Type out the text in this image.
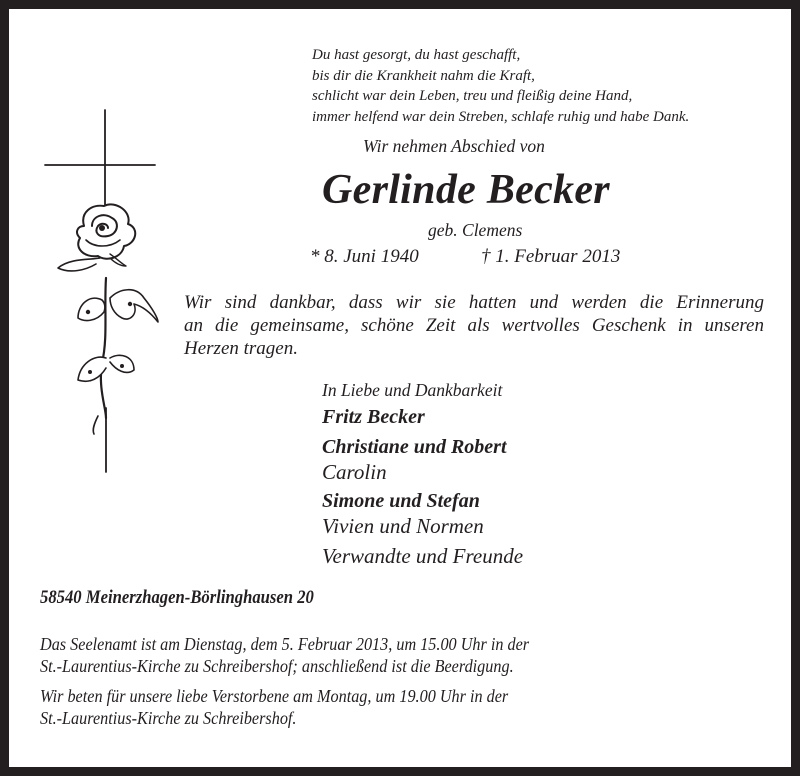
Du hast gesorgt, du hast geschafft,
bis dir die Krankheit nahm die Kraft,
schlicht war dein Leben, treu und fleißig deine Hand,
immer helfend war dein Streben, schlafe ruhig und habe Dank.
Wir nehmen Abschied von
Gerlinde Becker
geb. Clemens
* 8. Juni 1940	† 1. Februar 2013
Wir sind dankbar, dass wir sie hatten und werden die Erinnerung
an die gemeinsame, schöne Zeit als wertvolles Geschenk in unseren
Herzen tragen.
In Liebe und Dankbarkeit
Fritz Becker
Christiane und Robert
Carolin
Simone und Stefan
Vivien und Normen
Verwandte und Freunde
58540 Meinerzhagen-Börlinghausen 20
Das Seelenamt ist am Dienstag, dem 5. Februar 2013, um 15.00 Uhr in der
St.-Laurentius-Kirche zu Schreibershof; anschließend ist die Beerdigung.
Wir beten für unsere liebe Verstorbene am Montag, um 19.00 Uhr in der
St.-Laurentius-Kirche zu Schreibershof.
